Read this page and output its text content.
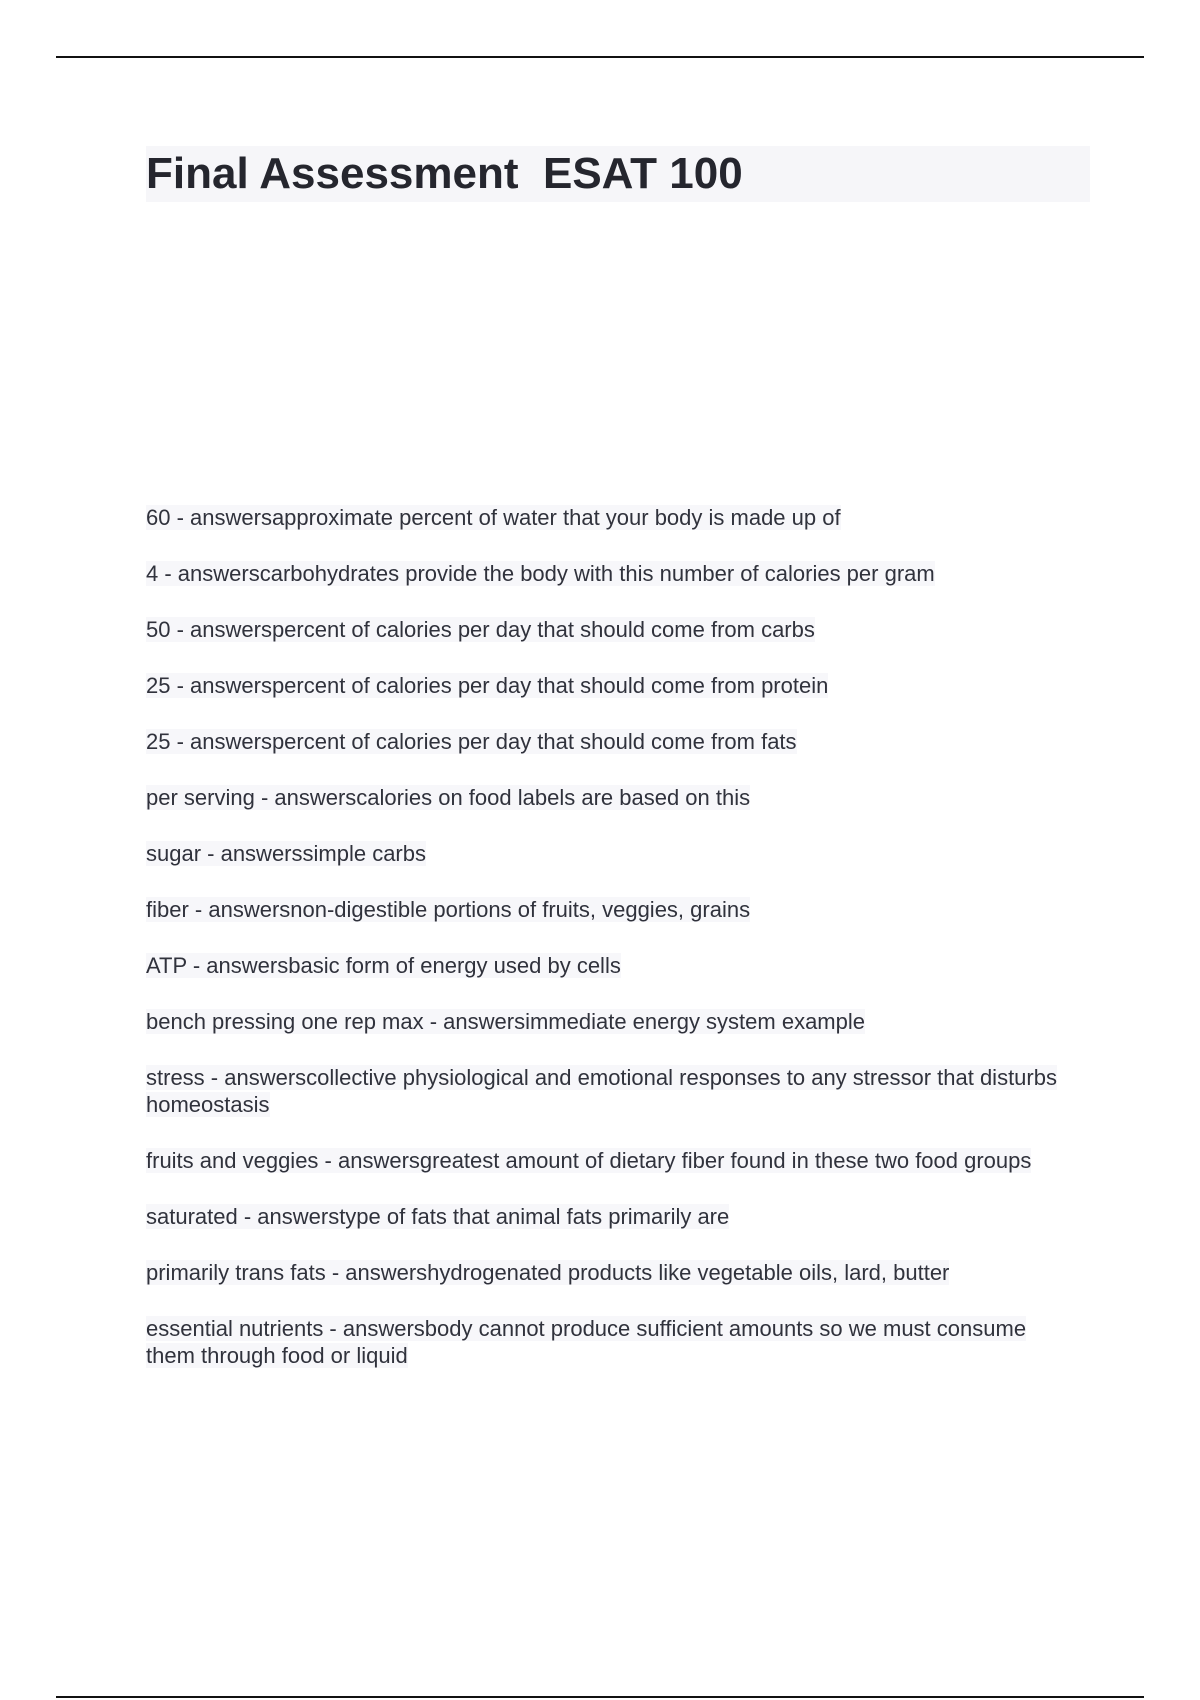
Final Assessment  ESAT 100
60 - answersapproximate percent of water that your body is made up of
4 - answerscarbohydrates provide the body with this number of calories per gram
50 - answerspercent of calories per day that should come from carbs
25 - answerspercent of calories per day that should come from protein
25 - answerspercent of calories per day that should come from fats
per serving - answerscalories on food labels are based on this
sugar - answerssimple carbs
fiber - answersnon-digestible portions of fruits, veggies, grains
ATP - answersbasic form of energy used by cells
bench pressing one rep max - answersimmediate energy system example
stress - answerscollective physiological and emotional responses to any stressor that disturbs homeostasis
fruits and veggies - answersgreatest amount of dietary fiber found in these two food groups
saturated - answerstype of fats that animal fats primarily are
primarily trans fats - answershydrogenated products like vegetable oils, lard, butter
essential nutrients - answersbody cannot produce sufficient amounts so we must consume them through food or liquid
